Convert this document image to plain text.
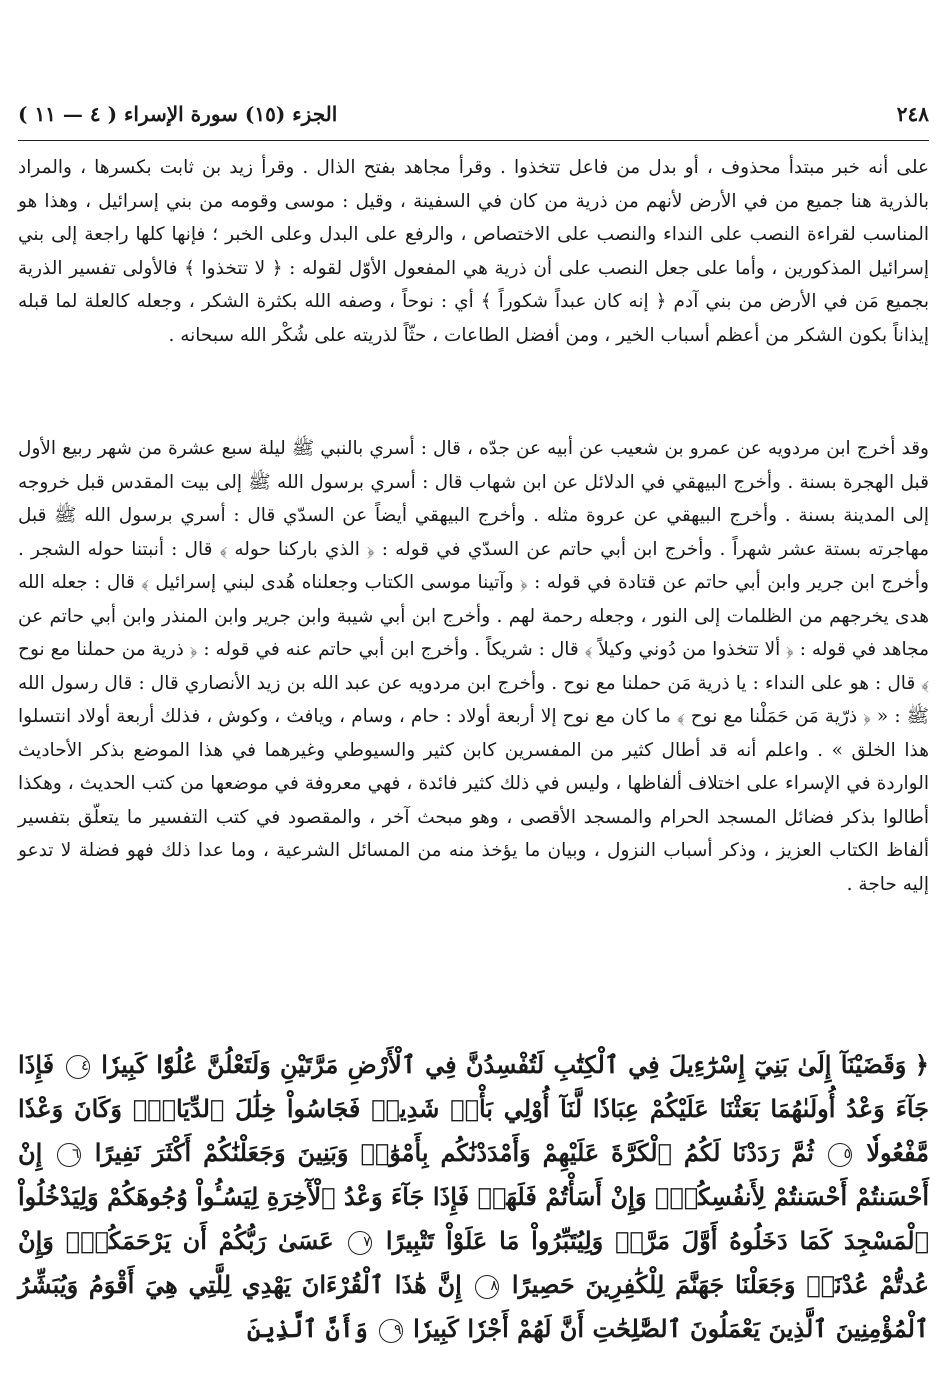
٢٤٨
الجزء (١٥) سورة الإسراء ( ٤ — ١١ )

على أنه خبر مبتدأ محذوف ، أو بدل من فاعل تتخذوا . وقرأ مجاهد بفتح الذال . وقرأ زيد بن ثابت بكسرها ، والمراد بالذرية هنا جميع من في الأرض لأنهم من ذرية من كان في السفينة ، وقيل : موسى وقومه من بني إسرائيل ، وهذا هو المناسب لقراءة النصب على النداء والنصب على الاختصاص ، والرفع على البدل وعلى الخبر ؛ فإنها كلها راجعة إلى بني إسرائيل المذكورين ، وأما على جعل النصب على أن ذرية هي المفعول الأوّل لقوله : ﴿ لا تتخذوا ﴾ فالأولى تفسير الذرية بجميع مَن في الأرض من بني آدم ﴿ إنه كان عبداً شكوراً ﴾ أي : نوحاً ، وصفه الله بكثرة الشكر ، وجعله كالعلة لما قبله إيذاناً بكون الشكر من أعظم أسباب الخير ، ومن أفضل الطاعات ، حثّاً لذريته على شُكْر الله سبحانه .

وقد أخرج ابن مردويه عن عمرو بن شعيب عن أبيه عن جدّه ، قال : أسري بالنبي ﷺ ليلة سبع عشرة من شهر ربيع الأول قبل الهجرة بسنة . وأخرج البيهقي في الدلائل عن ابن شهاب قال : أسري برسول الله ﷺ إلى بيت المقدس قبل خروجه إلى المدينة بسنة . وأخرج البيهقي عن عروة مثله . وأخرج البيهقي أيضاً عن السدّي قال : أسري برسول الله ﷺ قبل مهاجرته بستة عشر شهراً . وأخرج ابن أبي حاتم عن السدّي في قوله : ﴿ الذي باركنا حوله ﴾ قال : أنبتنا حوله الشجر . وأخرج ابن جرير وابن أبي حاتم عن قتادة في قوله : ﴿ وآتينا موسى الكتاب وجعلناه هُدى لبني إسرائيل ﴾ قال : جعله الله هدى يخرجهم من الظلمات إلى النور ، وجعله رحمة لهم . وأخرج ابن أبي شيبة وابن جرير وابن المنذر وابن أبي حاتم عن مجاهد في قوله : ﴿ ألا تتخذوا من دُوني وكيلاً ﴾ قال : شريكاً . وأخرج ابن أبي حاتم عنه في قوله : ﴿ ذرية من حملنا مع نوح ﴾ قال : هو على النداء : يا ذرية مَن حملنا مع نوح . وأخرج ابن مردويه عن عبد الله بن زيد الأنصاري قال : قال رسول الله ﷺ : « ﴿ ذرّية مَن حَمَلْنا مع نوح ﴾ ما كان مع نوح إلا أربعة أولاد : حام ، وسام ، ويافث ، وكوش ، فذلك أربعة أولاد انتسلوا هذا الخلق » . واعلم أنه قد أطال كثير من المفسرين كابن كثير والسيوطي وغيرهما في هذا الموضع بذكر الأحاديث الواردة في الإسراء على اختلاف ألفاظها ، وليس في ذلك كثير فائدة ، فهي معروفة في موضعها من كتب الحديث ، وهكذا أطالوا بذكر فضائل المسجد الحرام والمسجد الأقصى ، وهو مبحث آخر ، والمقصود في كتب التفسير ما يتعلّق بتفسير ألفاظ الكتاب العزيز ، وذكر أسباب النزول ، وبيان ما يؤخذ منه من المسائل الشرعية ، وما عدا ذلك فهو فضلة لا تدعو إليه حاجة .

﴿ وَقَضَيْنَآ إِلَىٰ بَنِيٓ إِسْرَٰٓءِيلَ فِي ٱلْكِتَٰبِ لَتُفْسِدُنَّ فِي ٱلْأَرْضِ مَرَّتَيْنِ وَلَتَعْلُنَّ عُلُوّٗا كَبِيرٗا ٤ فَإِذَا جَآءَ وَعْدُ أُولَىٰهُمَا بَعَثْنَا عَلَيْكُمْ عِبَادٗا لَّنَآ أُوْلِي بَأْسٖ شَدِيدٖ فَجَاسُواْ خِلَٰلَ ٱلدِّيَارِۚ وَكَانَ وَعْدٗا مَّفْعُولٗا ٥ ثُمَّ رَدَدْنَا لَكُمُ ٱلْكَرَّةَ عَلَيْهِمْ وَأَمْدَدْنَٰكُم بِأَمْوَٰلٖ وَبَنِينَ وَجَعَلْنَٰكُمْ أَكْثَرَ نَفِيرًا ٦ إِنْ أَحْسَنتُمْ أَحْسَنتُمْ لِأَنفُسِكُمْۖ وَإِنْ أَسَأْتُمْ فَلَهَاۚ فَإِذَا جَآءَ وَعْدُ ٱلْأٓخِرَةِ لِيَسُـُٔواْ وُجُوهَكُمْ وَلِيَدْخُلُواْ ٱلْمَسْجِدَ كَمَا دَخَلُوهُ أَوَّلَ مَرَّةٖ وَلِيُتَبِّرُواْ مَا عَلَوْاْ تَتْبِيرًا ٧ عَسَىٰ رَبُّكُمْ أَن يَرْحَمَكُمْۚ وَإِنْ عُدتُّمْ عُدْنَاۘ وَجَعَلْنَا جَهَنَّمَ لِلْكَٰفِرِينَ حَصِيرًا ٨ إِنَّ هَٰذَا ٱلْقُرْءَانَ يَهْدِي لِلَّتِي هِيَ أَقْوَمُ وَيُبَشِّرُ ٱلْمُؤْمِنِينَ ٱلَّذِينَ يَعْمَلُونَ ٱلصَّٰلِحَٰتِ أَنَّ لَهُمْ أَجْرٗا كَبِيرٗا ٩ وَأَنَّ ٱلَّذِينَ
